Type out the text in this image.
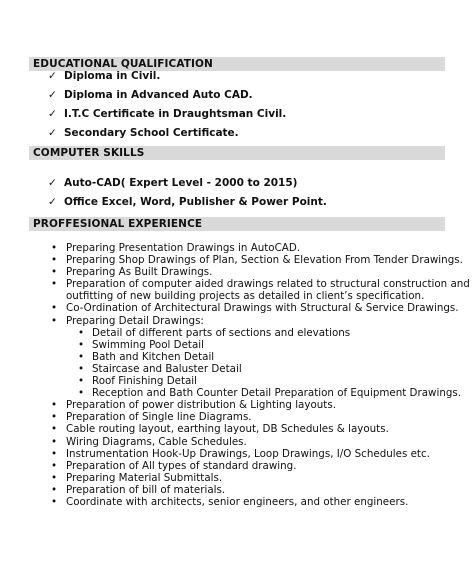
EDUCATIONAL QUALIFICATION
✓ Diploma in Civil.
✓ Diploma in Advanced Auto CAD.
✓ I.T.C Certificate in Draughtsman Civil.
✓ Secondary School Certificate.
COMPUTER SKILLS
✓ Auto-CAD( Expert Level - 2000 to 2015)
✓ Office Excel, Word, Publisher & Power Point.
PROFFESIONAL EXPERIENCE
• Preparing Presentation Drawings in AutoCAD.
• Preparing Shop Drawings of Plan, Section & Elevation From Tender Drawings.
• Preparing As Built Drawings.
• Preparation of computer aided drawings related to structural construction and
outfitting of new building projects as detailed in client’s specification.
• Co-Ordination of Architectural Drawings with Structural & Service Drawings.
• Preparing Detail Drawings:
• Detail of different parts of sections and elevations
• Swimming Pool Detail
• Bath and Kitchen Detail
• Staircase and Baluster Detail
• Roof Finishing Detail
• Reception and Bath Counter Detail Preparation of Equipment Drawings.
• Preparation of power distribution & Lighting layouts.
• Preparation of Single line Diagrams.
• Cable routing layout, earthing layout, DB Schedules & layouts.
• Wiring Diagrams, Cable Schedules.
• Instrumentation Hook-Up Drawings, Loop Drawings, I/O Schedules etc.
• Preparation of All types of standard drawing.
• Preparing Material Submittals.
• Preparation of bill of materials.
• Coordinate with architects, senior engineers, and other engineers.
